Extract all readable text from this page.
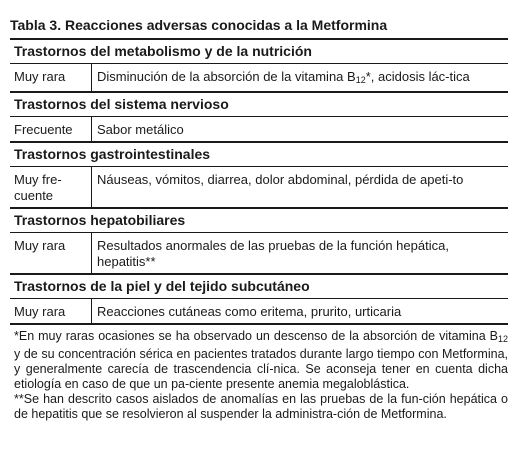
Tabla 3. Reacciones adversas conocidas a la Metformina
Trastornos del metabolismo y de la nutrición
Muy rara	Disminución de la absorción de la vitamina $B_{12}*$, acidosis lác-tica
Trastornos del sistema nervioso
Frecuente	Sabor metálico
Trastornos gastrointestinales
Muy fre-cuente	Náuseas, vómitos, diarrea, dolor abdominal, pérdida de apeti-to
Trastornos hepatobiliares
Muy rara	Resultados anormales de las pruebas de la función hepática, hepatitis**
Trastornos de la piel y del tejido subcutáneo
Muy rara	Reacciones cutáneas como eritema, prurito, urticaria

*En muy raras ocasiones se ha observado un descenso de la absorción de vitamina $B_{12}$ y de su concentración sérica en pacientes tratados durante largo tiempo con Metformina, y generalmente carecía de trascendencia clí-nica. Se aconseja tener en cuenta dicha etiología en caso de que un pa-ciente presente anemia megaloblástica.

**Se han descrito casos aislados de anomalías en las pruebas de la fun-ción hepática o de hepatitis que se resolvieron al suspender la administra-ción de Metformina.
